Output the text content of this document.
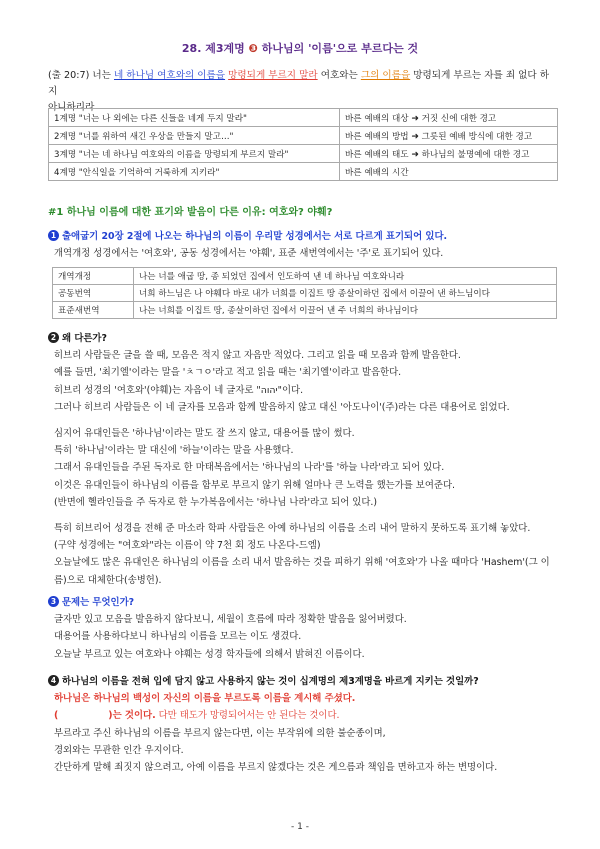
28. 제3계명 ❸ 하나님의 '이름'으로 부르다는 것
(출 20:7) 너는 네 하나님 여호와의 이름을 망령되게 부르지 말라 여호와는 그의 이름을 망령되게 부르는 자를 죄 없다 하지
아니하리라
1계명 "너는 나 외에는 다른 신들을 네게 두지 말라"	바른 예배의 대상 ➜ 거짓 신에 대한 경고
2계명 "너를 위하여 새긴 우상을 만들지 말고…"	바른 예배의 방법 ➜ 그릇된 예배 방식에 대한 경고
3계명 "너는 네 하나님 여호와의 이름을 망령되게 부르지 말라"	바른 예배의 태도 ➜ 하나님의 불명예에 대한 경고
4계명 "안식일을 기억하여 거룩하게 지키라"	바른 예배의 시간
#1 하나님 이름에 대한 표기와 발음이 다른 이유: 여호와? 야훼?
1 출애굽기 20장 2절에 나오는 하나님의 이름이 우리말 성경에서는 서로 다르게 표기되어 있다.
개역개정 성경에서는 '여호와', 공동 성경에서는 '야훼', 표준 새번역에서는 '주'로 표기되어 있다.
개역개정	나는 너를 애굽 땅, 종 되었던 집에서 인도하여 낸 네 하나님 여호와니라
공동번역	너희 하느님은 나 야훼다 바로 내가 너희를 이집트 땅 종살이하던 집에서 이끌어 낸 하느님이다
표준새번역	나는 너희를 이집트 땅, 종살이하던 집에서 이끌어 낸 주 너희의 하나님이다
2 왜 다른가?
히브리 사람들은 글을 쓸 때, 모음은 적지 않고 자음만 적었다. 그리고 읽을 때 모음과 함께 발음한다.
예를 들면, '최기엘'이라는 말을 'ㅊㄱㅇ'라고 적고 읽을 때는 '최기엘'이라고 발음한다.
히브리 성경의 '여호와'(야훼)는 자음이 네 글자로 "יהוה"이다.
그러나 히브리 사람들은 이 네 글자를 모음과 함께 발음하지 않고 대신 '아도나이'(주)라는 다른 대용어로 읽었다.
심지어 유대인들은 '하나님'이라는 말도 잘 쓰지 않고, 대용어를 많이 썼다.
특히 '하나님'이라는 말 대신에 '하늘'이라는 말을 사용했다.
그래서 유대인들을 주된 독자로 한 마태복음에서는 '하나님의 나라'를 '하늘 나라'라고 되어 있다.
이것은 유대인들이 하나님의 이름을 함부로 부르지 않기 위해 얼마나 큰 노력을 했는가를 보여준다.
(반면에 헬라인들을 주 독자로 한 누가복음에서는 '하나님 나라'라고 되어 있다.)
특히 히브리어 성경을 전해 준 마소라 학파 사람들은 아예 하나님의 이름을 소리 내어 말하지 못하도록 표기해 놓았다.
(구약 성경에는 "여호와"라는 이름이 약 7천 회 정도 나온다-드엠)
오늘날에도 많은 유대인은 하나님의 이름을 소리 내서 발음하는 것을 피하기 위해 '여호와'가 나올 때마다 'Hashem'(그 이
름)으로 대체한다(송병헌).
3 문제는 무엇인가?
글자만 있고 모음을 발음하지 않다보니, 세월이 흐름에 따라 정확한 발음을 잃어버렸다.
대용어를 사용하다보니 하나님의 이름을 모르는 이도 생겼다.
오늘날 부르고 있는 여호와나 야훼는 성경 학자들에 의해서 밝혀진 이름이다.
4 하나님의 이름을 전혀 입에 담지 않고 사용하지 않는 것이 십계명의 제3계명을 바르게 지키는 것일까?
하나님은 하나님의 백성이 자신의 이름을 부르도록 이름을 계시해 주셨다.
(	)는 것이다. 다만 태도가 망령되어서는 안 된다는 것이다.
부르라고 주신 하나님의 이름을 부르지 않는다면, 이는 부작위에 의한 불순종이며,
경외와는 무관한 인간 우지이다.
간단하게 말해 죄짓지 않으려고, 아예 이름을 부르지 않겠다는 것은 게으름과 책임을 면하고자 하는 변명이다.
- 1 -
